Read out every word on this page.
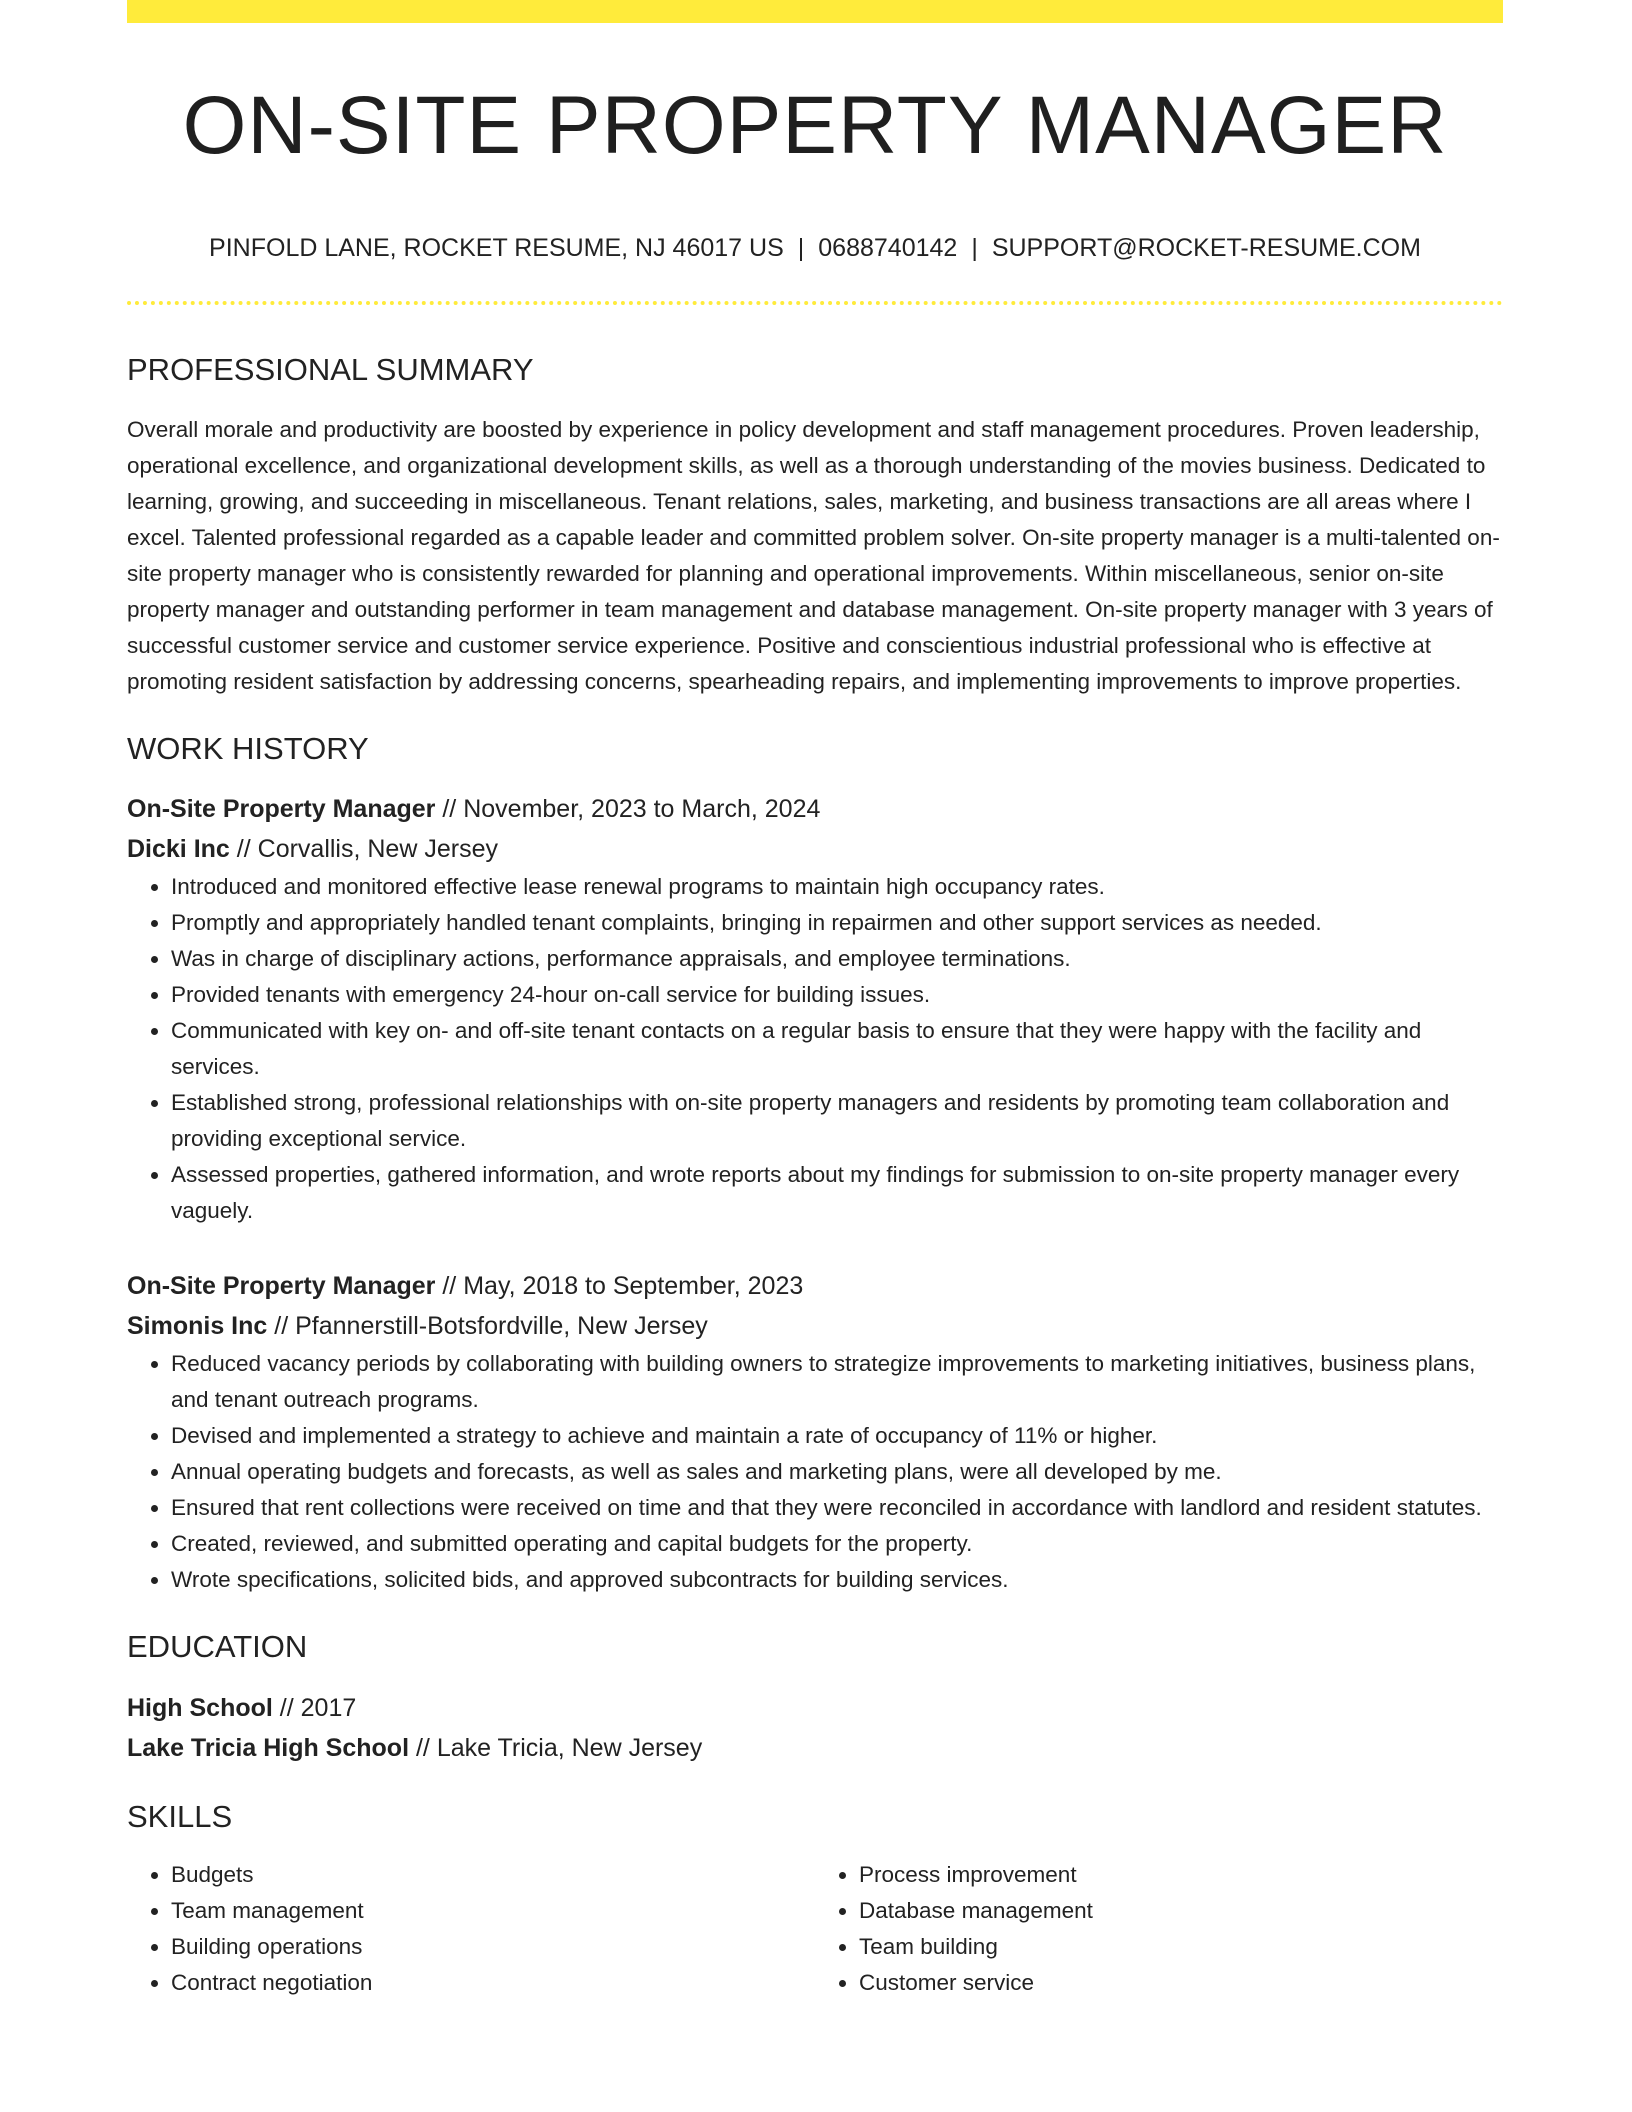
ON-SITE PROPERTY MANAGER
PINFOLD LANE, ROCKET RESUME, NJ 46017 US | 0688740142 | SUPPORT@ROCKET-RESUME.COM
PROFESSIONAL SUMMARY

Overall morale and productivity are boosted by experience in policy development and staff management procedures. Proven leadership, operational excellence, and organizational development skills, as well as a thorough understanding of the movies business. Dedicated to learning, growing, and succeeding in miscellaneous. Tenant relations, sales, marketing, and business transactions are all areas where I excel. Talented professional regarded as a capable leader and committed problem solver. On-site property manager is a multi-talented on-site property manager who is consistently rewarded for planning and operational improvements. Within miscellaneous, senior on-site property manager and outstanding performer in team management and database management. On-site property manager with 3 years of successful customer service and customer service experience. Positive and conscientious industrial professional who is effective at promoting resident satisfaction by addressing concerns, spearheading repairs, and implementing improvements to improve properties.

WORK HISTORY
On-Site Property Manager // November, 2023 to March, 2024
Dicki Inc // Corvallis, New Jersey
• Introduced and monitored effective lease renewal programs to maintain high occupancy rates.
• Promptly and appropriately handled tenant complaints, bringing in repairmen and other support services as needed.
• Was in charge of disciplinary actions, performance appraisals, and employee terminations.
• Provided tenants with emergency 24-hour on-call service for building issues.
• Communicated with key on- and off-site tenant contacts on a regular basis to ensure that they were happy with the facility and services.
• Established strong, professional relationships with on-site property managers and residents by promoting team collaboration and providing exceptional service.
• Assessed properties, gathered information, and wrote reports about my findings for submission to on-site property manager every vaguely.
On-Site Property Manager // May, 2018 to September, 2023
Simonis Inc // Pfannerstill-Botsfordville, New Jersey
• Reduced vacancy periods by collaborating with building owners to strategize improvements to marketing initiatives, business plans, and tenant outreach programs.
• Devised and implemented a strategy to achieve and maintain a rate of occupancy of 11% or higher.
• Annual operating budgets and forecasts, as well as sales and marketing plans, were all developed by me.
• Ensured that rent collections were received on time and that they were reconciled in accordance with landlord and resident statutes.
• Created, reviewed, and submitted operating and capital budgets for the property.
• Wrote specifications, solicited bids, and approved subcontracts for building services.
EDUCATION
High School // 2017
Lake Tricia High School // Lake Tricia, New Jersey
SKILLS
• Budgets
• Team management
• Building operations
• Contract negotiation
• Process improvement
• Database management
• Team building
• Customer service
